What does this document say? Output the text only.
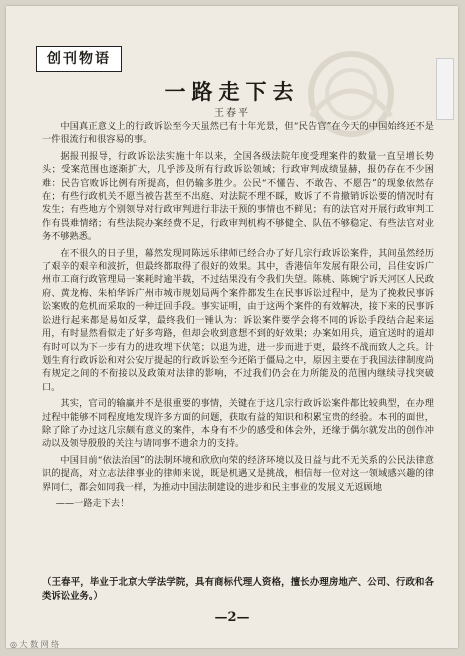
创刊物语
一路走下去
王春平

中国真正意义上的行政诉讼至今天虽然已有十年光景，但“民告官”在今天的中国始终还不是一件很流行和很容易的事。

据报刊报导，行政诉讼法实施十年以来，全国各级法院年度受理案件的数量一直呈增长势头；受案范围也逐渐扩大，几乎涉及所有行政诉讼领域；行政审判成绩显赫，报仍存在不少困难：民告官败诉比例有所提高，但仍输多胜少。公民“不懂告、不敢告、不愿告”的现象依然存在；有些行政机关不愿当被告甚至不出庭、对法院不理不睬，败诉了不肯撤销诉讼要的情况时有发生；有些地方个别领导对行政审判进行非法干预的事情也不鲜见；有的法官对开展行政审判工作有畏难情绪；有些法院办案经费不足，行政审判机构不够健全、队伍不够稳定、有些法官对业务不够熟悉。

在不很久的日子里，幕然发现同陈远乐律师已经合办了好几宗行政诉讼案件，其间虽然经历了艰辛的艰辛和波折，但最终都取得了很好的效果。其中，香港信年发展有限公司，吕佳安诉广州市工商行政管理局一案耗时逾半载，不过结果没有令我们失望。陈桃、陈婉宁诉天河区人民政府、黄龙梅、朱柏华诉广州市城市规划局两个案件都发生在民事诉讼过程中，是为了挽救民事诉讼案败的危机而采取的一种迂回手段。事实证明，由于这两个案件的有效解决，接下来的民事诉讼进行起来都是易如反掌，最终我们一锤认为：诉讼案件要学会将不同的诉讼手段结合起来运用，有时显然看似走了好多弯路，但却会收到意想不到的好效果；办案如用兵，道宜送时的道却有时可以为下一步有力的进攻埋下伏笔；以退为进，进一步而进于更，最终不战而致人之兵。计划生育行政诉讼和对公安厅提起的行政诉讼至今还陷于僵局之中，原因主要在于我国法律制度尚有规定之间的不衔接以及政策对法律的影响，不过我们仍会在力所能及的范围内继续寻找突破口。

其实，官司的输赢并不是很重要的事情，关键在于这几宗行政诉讼案件都比较典型，在办理过程中能够不同程度地发现许多方面的问题，获取有益的知识和积累宝贵的经验。本刊的面世，除了除了办过这几宗颇有意义的案件，本身有不少的感受和体会外，还缘于偶尔就发出的创作冲动以及领导殷殷的关注与请同事不遗余力的支持。

中国目前“依法治国”的法制环境和欣欣向荣的经济环境以及日益与此不无关系的公民法律意识的提高，对立志法律事业的律师来说，既是机遇又是挑战，相信每一位对这一领域感兴趣的律界同仁，都会如同我一样，为推动中国法制建设的进步和民主事业的发展义无返顾地

——一路走下去！

（王春平，毕业于北京大学法学院，具有商标代理人资格，擅长办理房地产、公司、行政和各类诉讼业务。）
—2—
◎ 大 数 网 络
